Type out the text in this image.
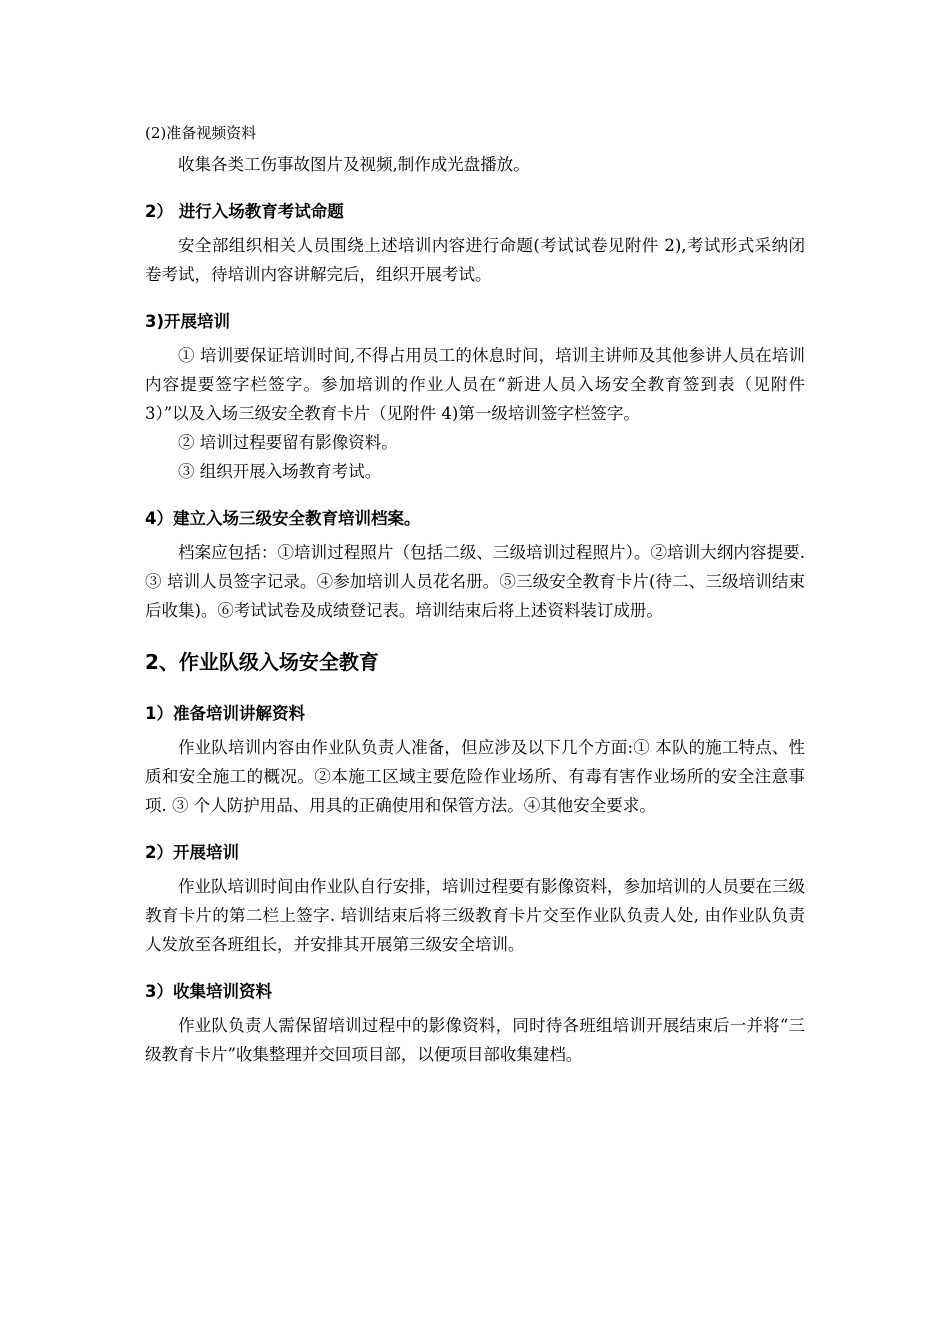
(2)准备视频资料

收集各类工伤事故图片及视频,制作成光盘播放。

2） 进行入场教育考试命题

安全部组织相关人员围绕上述培训内容进行命题(考试试卷见附件 2),考试形式采纳闭卷考试，待培训内容讲解完后，组织开展考试。

3)开展培训

① 培训要保证培训时间,不得占用员工的休息时间，培训主讲师及其他参讲人员在培训内容提要签字栏签字。参加培训的作业人员在“新进人员入场安全教育签到表（见附件 3）”以及入场三级安全教育卡片（见附件 4)第一级培训签字栏签字。

② 培训过程要留有影像资料。

③ 组织开展入场教育考试。

4）建立入场三级安全教育培训档案。

档案应包括：①培训过程照片（包括二级、三级培训过程照片）。②培训大纲内容提要. ③ 培训人员签字记录。④参加培训人员花名册。⑤三级安全教育卡片(待二、三级培训结束后收集)。⑥考试试卷及成绩登记表。培训结束后将上述资料装订成册。

2、作业队级入场安全教育
1）准备培训讲解资料

作业队培训内容由作业队负责人准备，但应涉及以下几个方面:① 本队的施工特点、性质和安全施工的概况。②本施工区域主要危险作业场所、有毒有害作业场所的安全注意事项. ③ 个人防护用品、用具的正确使用和保管方法。④其他安全要求。

2）开展培训

作业队培训时间由作业队自行安排，培训过程要有影像资料，参加培训的人员要在三级教育卡片的第二栏上签字. 培训结束后将三级教育卡片交至作业队负责人处, 由作业队负责人发放至各班组长，并安排其开展第三级安全培训。

3）收集培训资料

作业队负责人需保留培训过程中的影像资料，同时待各班组培训开展结束后一并将“三级教育卡片”收集整理并交回项目部，以便项目部收集建档。
